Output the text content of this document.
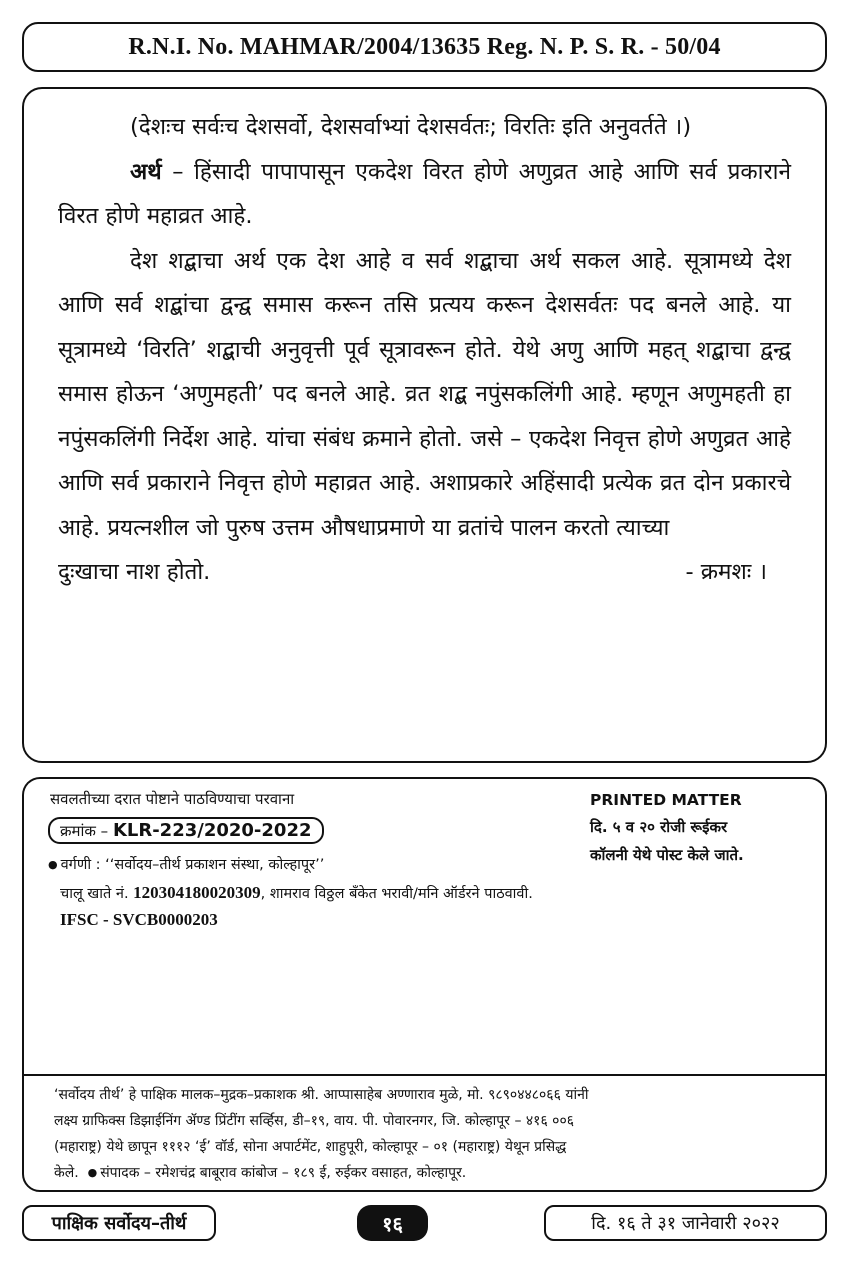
R.N.I. No. MAHMAR/2004/13635 Reg. N. P. S. R. - 50/04

(देशःच सर्वःच देशसर्वो, देशसर्वाभ्यां देशसर्वतः; विरतिः इति अनुवर्तते ।)

अर्थ – हिंसादी पापापासून एकदेश विरत होणे अणुव्रत आहे आणि सर्व प्रकाराने विरत होणे महाव्रत आहे.

देश शद्बाचा अर्थ एक देश आहे व सर्व शद्बाचा अर्थ सकल आहे. सूत्रामध्ये देश आणि सर्व शद्बांचा द्वन्द्व समास करून तसि प्रत्यय करून देशसर्वतः पद बनले आहे. या सूत्रामध्ये ‘विरति’ शद्बाची अनुवृत्ती पूर्व सूत्रावरून होते. येथे अणु आणि महत् शद्बाचा द्वन्द्व समास होऊन ‘अणुमहती’ पद बनले आहे. व्रत शद्ब नपुंसकलिंगी आहे. म्हणून अणुमहती हा नपुंसकलिंगी निर्देश आहे. यांचा संबंध क्रमाने होतो. जसे – एकदेश निवृत्त होणे अणुव्रत आहे आणि सर्व प्रकाराने निवृत्त होणे महाव्रत आहे. अशाप्रकारे अहिंसादी प्रत्येक व्रत दोन प्रकारचे आहे. प्रयत्नशील जो पुरुष उत्तम औषधाप्रमाणे या व्रतांचे पालन करतो त्याच्या

दुःखाचा नाश होतो.	- क्रमशः ।
सवलतीच्या दरात पोष्टाने पाठविण्याचा परवाना
क्रमांक – KLR-223/2020-2022
● वर्गणी : ‘‘सर्वोदय–तीर्थ प्रकाशन संस्था, कोल्हापूर’’
चालू खाते नं. 120304180020309, शामराव विठ्ठल बँकेत भरावी/मनि ऑर्डरने पाठवावी.
IFSC - SVCB0000203
PRINTED MATTER
दि. ५ व २० रोजी रूईकर
कॉलनी येथे पोस्ट केले जाते.

‘सर्वोदय तीर्थ’ हे पाक्षिक मालक–मुद्रक–प्रकाशक श्री. आप्पासाहेब अण्णाराव मुळे, मो. ९८९०४४८०६६ यांनी

लक्ष्य ग्राफिक्स डिझाईनिंग ॲण्ड प्रिंटींग सर्व्हिस, डी–१९, वाय. पी. पोवारनगर, जि. कोल्हापूर – ४१६ ००६

(महाराष्ट्र) येथे छापून १११२ ‘ई’ वॉर्ड, सोना अपार्टमेंट, शाहुपूरी, कोल्हापूर – ०१ (महाराष्ट्र) येथून प्रसिद्ध

केले. ● संपादक – रमेशचंद्र बाबूराव कांबोज – १८९ ई, रुईकर वसाहत, कोल्हापूर.

पाक्षिक सर्वोदय–तीर्थ	१६	दि. १६ ते ३१ जानेवारी २०२२
